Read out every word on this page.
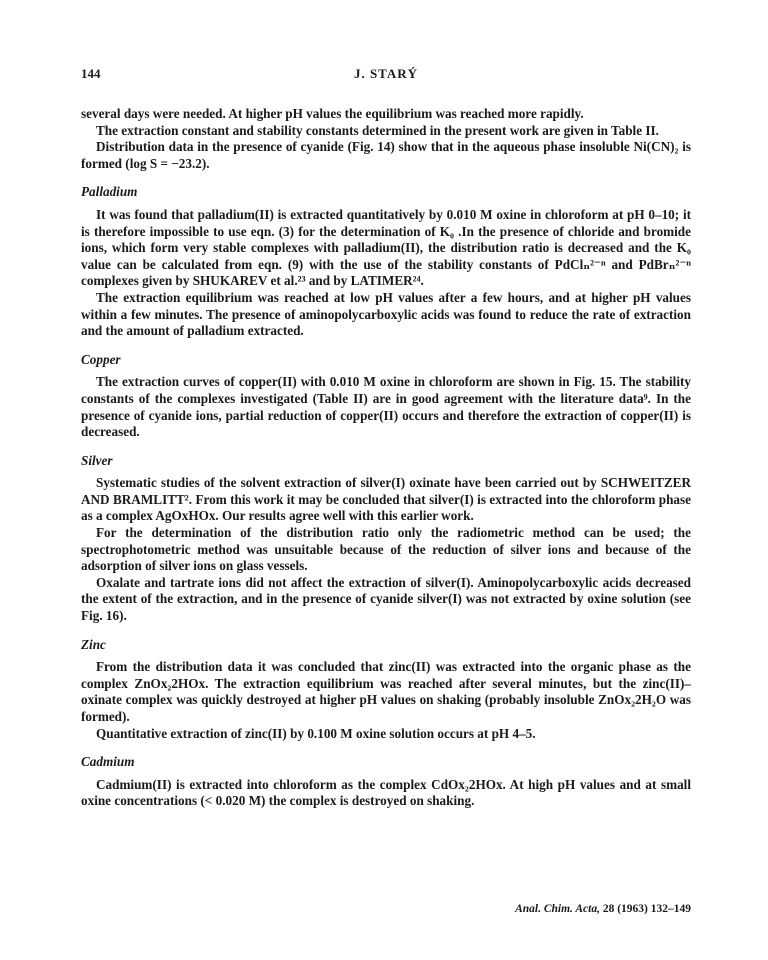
144	J. STARÝ

several days were needed. At higher pH values the equilibrium was reached more rapidly.

The extraction constant and stability constants determined in the present work are given in Table II.

Distribution data in the presence of cyanide (Fig. 14) show that in the aqueous phase insoluble Ni(CN)₂ is formed (log S = −23.2).

Palladium

It was found that palladium(II) is extracted quantitatively by 0.010 M oxine in chloroform at pH 0–10; it is therefore impossible to use eqn. (3) for the determination of K₀ .In the presence of chloride and bromide ions, which form very stable complexes with palladium(II), the distribution ratio is decreased and the K₀ value can be calculated from eqn. (9) with the use of the stability constants of PdClₙ²⁻ⁿ and PdBrₙ²⁻ⁿ complexes given by SHUKAREV et al.²³ and by LATIMER²⁴.

The extraction equilibrium was reached at low pH values after a few hours, and at higher pH values within a few minutes. The presence of aminopolycarboxylic acids was found to reduce the rate of extraction and the amount of palladium extracted.

Copper

The extraction curves of copper(II) with 0.010 M oxine in chloroform are shown in Fig. 15. The stability constants of the complexes investigated (Table II) are in good agreement with the literature data⁹. In the presence of cyanide ions, partial reduction of copper(II) occurs and therefore the extraction of copper(II) is decreased.

Silver

Systematic studies of the solvent extraction of silver(I) oxinate have been carried out by SCHWEITZER AND BRAMLITT². From this work it may be concluded that silver(I) is extracted into the chloroform phase as a complex AgOxHOx. Our results agree well with this earlier work.

For the determination of the distribution ratio only the radiometric method can be used; the spectrophotometric method was unsuitable because of the reduction of silver ions and because of the adsorption of silver ions on glass vessels.

Oxalate and tartrate ions did not affect the extraction of silver(I). Aminopolycarboxylic acids decreased the extent of the extraction, and in the presence of cyanide silver(I) was not extracted by oxine solution (see Fig. 16).

Zinc

From the distribution data it was concluded that zinc(II) was extracted into the organic phase as the complex ZnOx₂2HOx. The extraction equilibrium was reached after several minutes, but the zinc(II)–oxinate complex was quickly destroyed at higher pH values on shaking (probably insoluble ZnOx₂2H₂O was formed).

Quantitative extraction of zinc(II) by 0.100 M oxine solution occurs at pH 4–5.

Cadmium

Cadmium(II) is extracted into chloroform as the complex CdOx₂2HOx. At high pH values and at small oxine concentrations (< 0.020 M) the complex is destroyed on shaking.

Anal. Chim. Acta, 28 (1963) 132–149
